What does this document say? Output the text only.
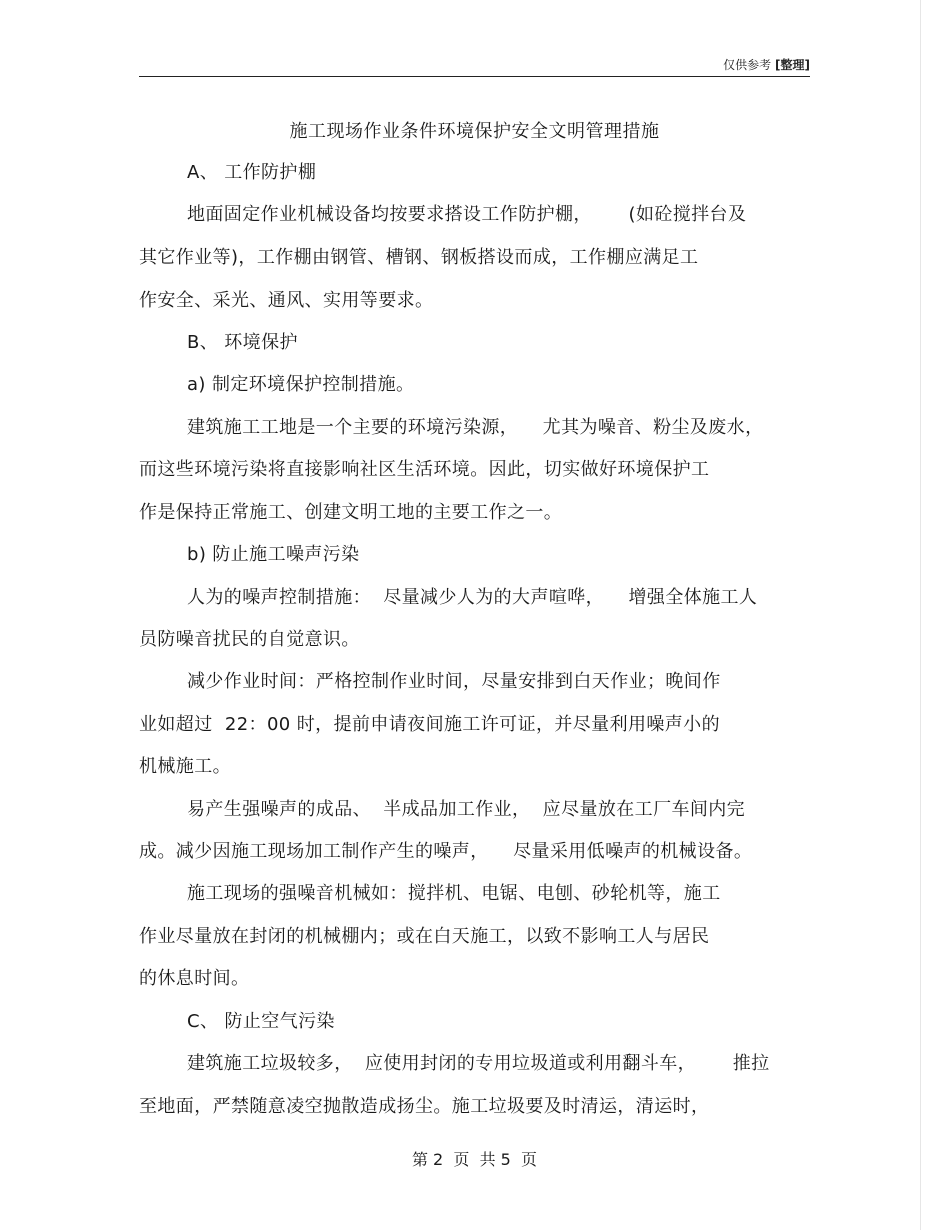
仅供参考 [整理]
施工现场作业条件环境保护安全文明管理措施
A、 工作防护棚
地面固定作业机械设备均按要求搭设工作防护棚，      (如砼搅拌台及
其它作业等)，工作棚由钢管、槽钢、钢板搭设而成，工作棚应满足工
作安全、采光、通风、实用等要求。
B、 环境保护
a) 制定环境保护控制措施。
建筑施工工地是一个主要的环境污染源，    尤其为噪音、粉尘及废水，
而这些环境污染将直接影响社区生活环境。因此，切实做好环境保护工
作是保持正常施工、创建文明工地的主要工作之一。
b) 防止施工噪声污染
人为的噪声控制措施：  尽量减少人为的大声喧哗，    增强全体施工人
员防噪音扰民的自觉意识。
减少作业时间：严格控制作业时间，尽量安排到白天作业；晚间作
业如超过  22：00 时，提前申请夜间施工许可证，并尽量利用噪声小的
机械施工。
易产生强噪声的成品、  半成品加工作业，  应尽量放在工厂车间内完
成。减少因施工现场加工制作产生的噪声，    尽量采用低噪声的机械设备。
施工现场的强噪音机械如：搅拌机、电锯、电刨、砂轮机等，施工
作业尽量放在封闭的机械棚内；或在白天施工，以致不影响工人与居民
的休息时间。
C、 防止空气污染
建筑施工垃圾较多，  应使用封闭的专用垃圾道或利用翻斗车，      推拉
至地面，严禁随意凌空抛散造成扬尘。施工垃圾要及时清运，清运时，
第 2  页  共 5  页
